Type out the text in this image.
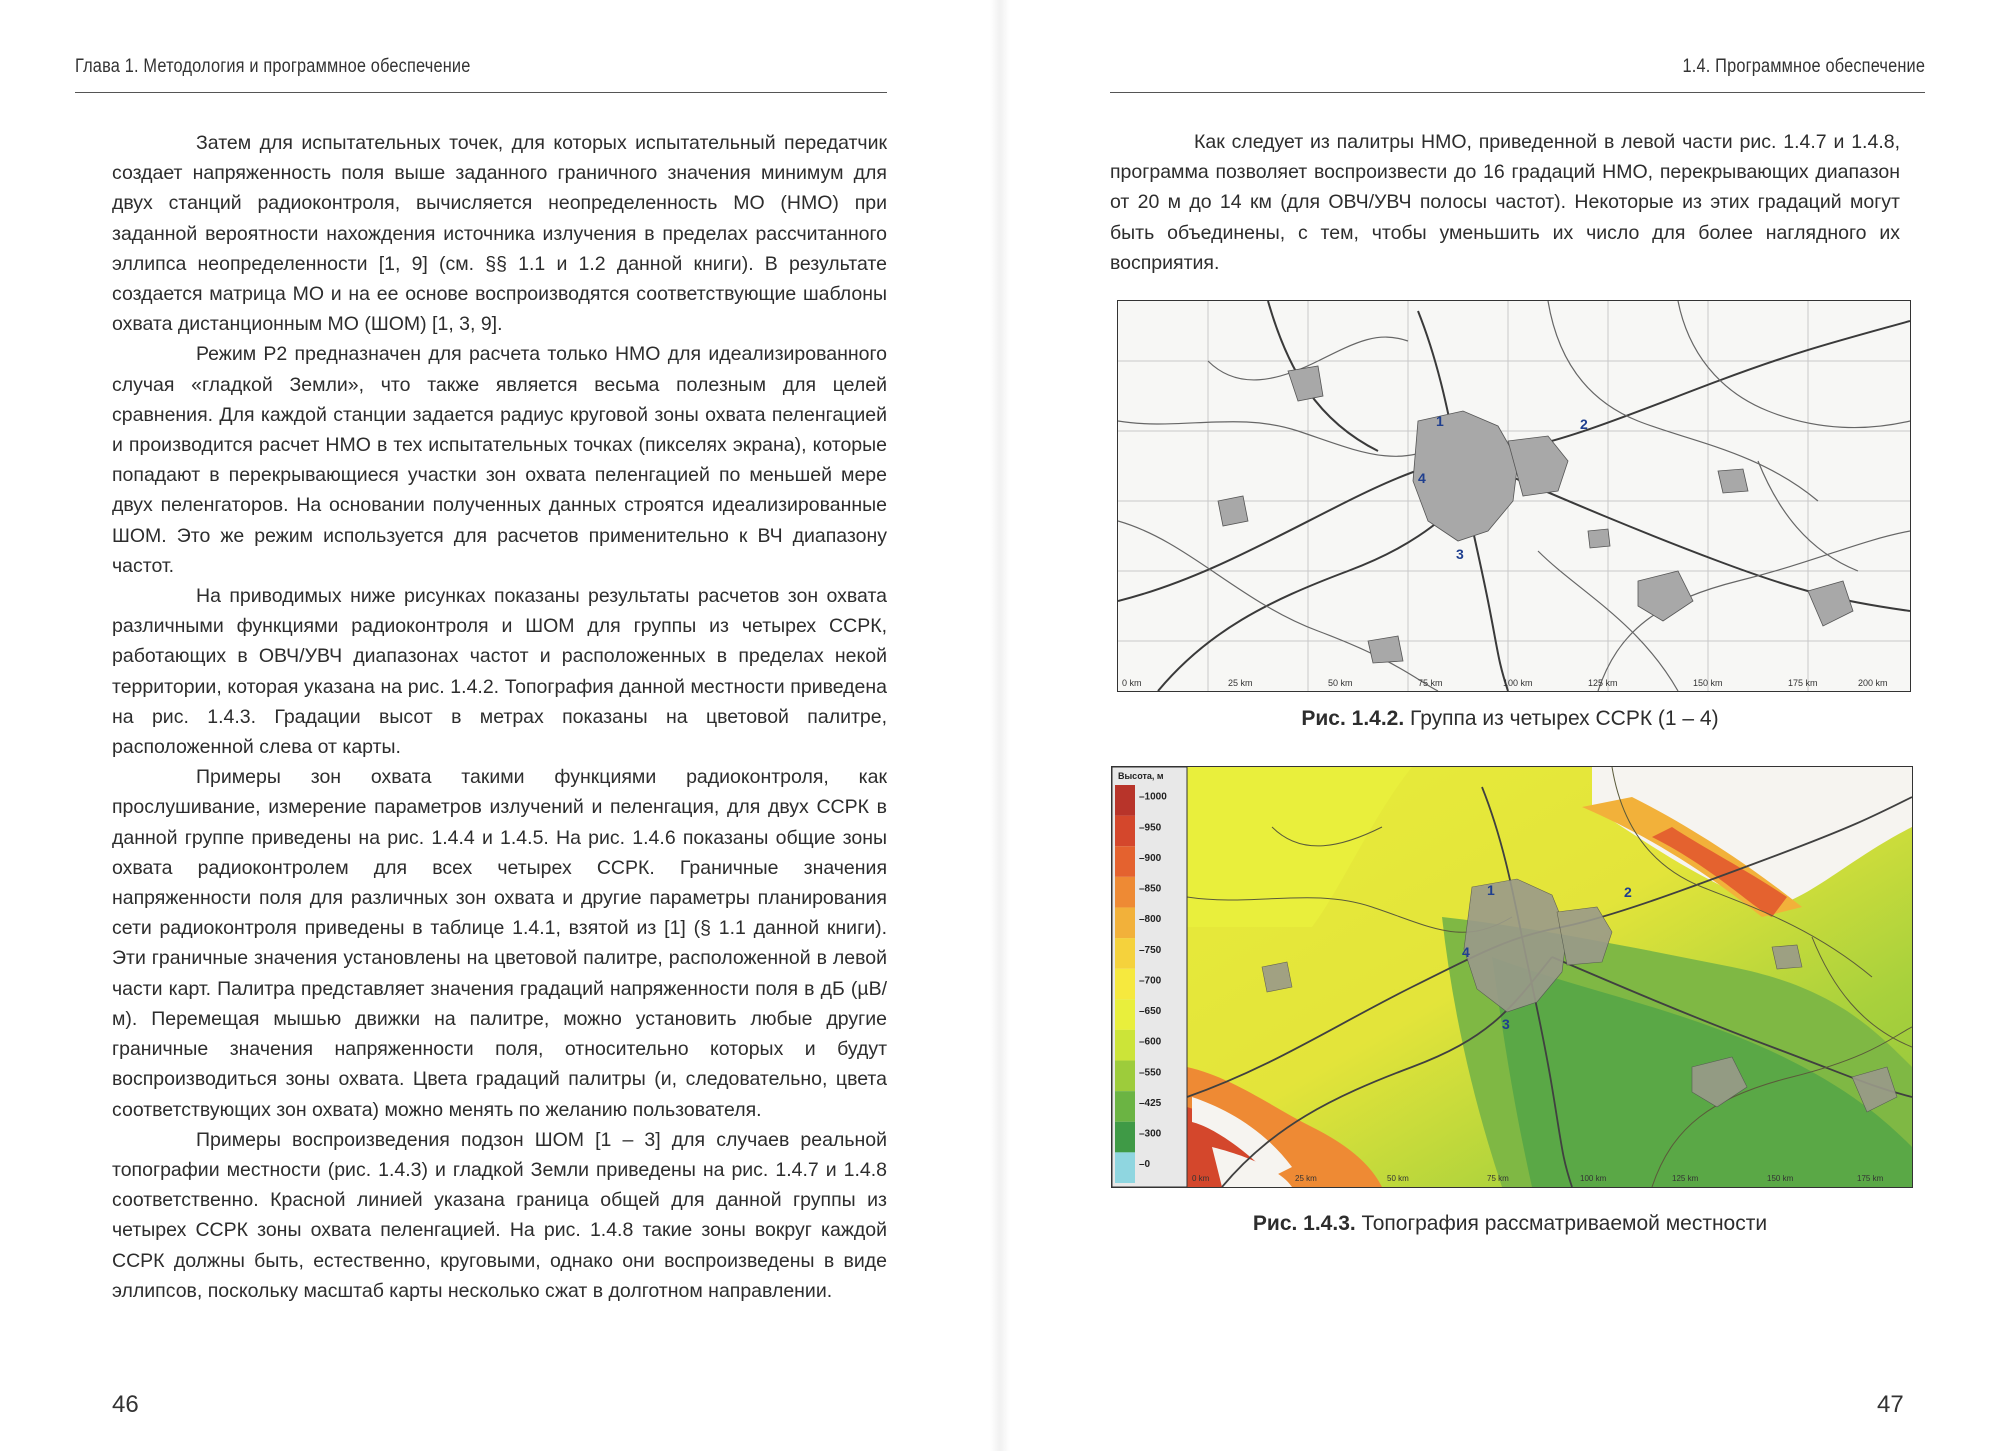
Глава 1. Методология и программное обеспечение

Затем для испытательных точек, для которых испытательный передатчик создает напряженность поля выше заданного граничного значения минимум для двух станций радиоконтроля, вычисляется неопределенность МО (НМО) при заданной вероятности нахождения источника излучения в пределах рассчитанного эллипса неопределенности [1, 9] (см. §§ 1.1 и 1.2 данной книги). В результате создается матрица МО и на ее основе воспроизводятся соответствующие шаблоны охвата дистанционным МО (ШОМ) [1, 3, 9].

Режим P2 предназначен для расчета только НМО для идеализированного случая «гладкой Земли», что также является весьма полезным для целей сравнения. Для каждой станции задается радиус круговой зоны охвата пеленгацией и производится расчет НМО в тех испытательных точках (пикселях экрана), которые попадают в перекрывающиеся участки зон охвата пеленгацией по меньшей мере двух пеленгаторов. На основании полученных данных строятся идеализированные ШОМ. Это же режим используется для расчетов применительно к ВЧ диапазону частот.

На приводимых ниже рисунках показаны результаты расчетов зон охвата различными функциями радиоконтроля и ШОМ для группы из четырех ССРК, работающих в ОВЧ/УВЧ диапазонах частот и расположенных в пределах некой территории, которая указана на рис. 1.4.2. Топография данной местности приведена на рис. 1.4.3. Градации высот в метрах показаны на цветовой палитре, расположенной слева от карты.

Примеры зон охвата такими функциями радиоконтроля, как прослушивание, измерение параметров излучений и пеленгация, для двух ССРК в данной группе приведены на рис. 1.4.4 и 1.4.5. На рис. 1.4.6 показаны общие зоны охвата радиоконтролем для всех четырех ССРК. Граничные значения напряженности поля для различных зон охвата и другие параметры планирования сети радиоконтроля приведены в таблице 1.4.1, взятой из [1] (§ 1.1 данной книги). Эти граничные значения установлены на цветовой палитре, расположенной в левой части карт. Палитра представляет значения градаций напряженности поля в дБ (µВ/м). Перемещая мышью движки на палитре, можно установить любые другие граничные значения напряженности поля, относительно которых и будут воспроизводиться зоны охвата. Цвета градаций палитры (и, следовательно, цвета соответствующих зон охвата) можно менять по желанию пользователя.

Примеры воспроизведения подзон ШОМ [1 – 3] для случаев реальной топографии местности (рис. 1.4.3) и гладкой Земли приведены на рис. 1.4.7 и 1.4.8 соответственно. Красной линией указана граница общей для данной группы из четырех ССРК зоны охвата пеленгацией. На рис. 1.4.8 такие зоны вокруг каждой ССРК должны быть, естественно, круговыми, однако они воспроизведены в виде эллипсов, поскольку масштаб карты несколько сжат в долготном направлении.

46
1.4. Программное обеспечение

Как следует из палитры НМО, приведенной в левой части рис. 1.4.7 и 1.4.8, программа позволяет воспроизвести до 16 градаций НМО, перекрывающих диапазон от 20 м до 14 км (для ОВЧ/УВЧ полосы частот). Некоторые из этих градаций могут быть объединены, с тем, чтобы уменьшить их число для более наглядного их восприятия.

47
1	2
3
4
0 km	25 km	50 km	75 km	100 km	125 km	150 km	175 km	200 km
Рис. 1.4.2. Группа из четырех ССРК (1 – 4)
1	2
3
4
0 km	25 km	50 km	75 km	100 km	125 km	150 km	175 km
Высота, м
–1000
–950
–900
–850
–800
–750
–700
–650
–600
–550
–425
–300
–0
Рис. 1.4.3. Топография рассматриваемой местности
